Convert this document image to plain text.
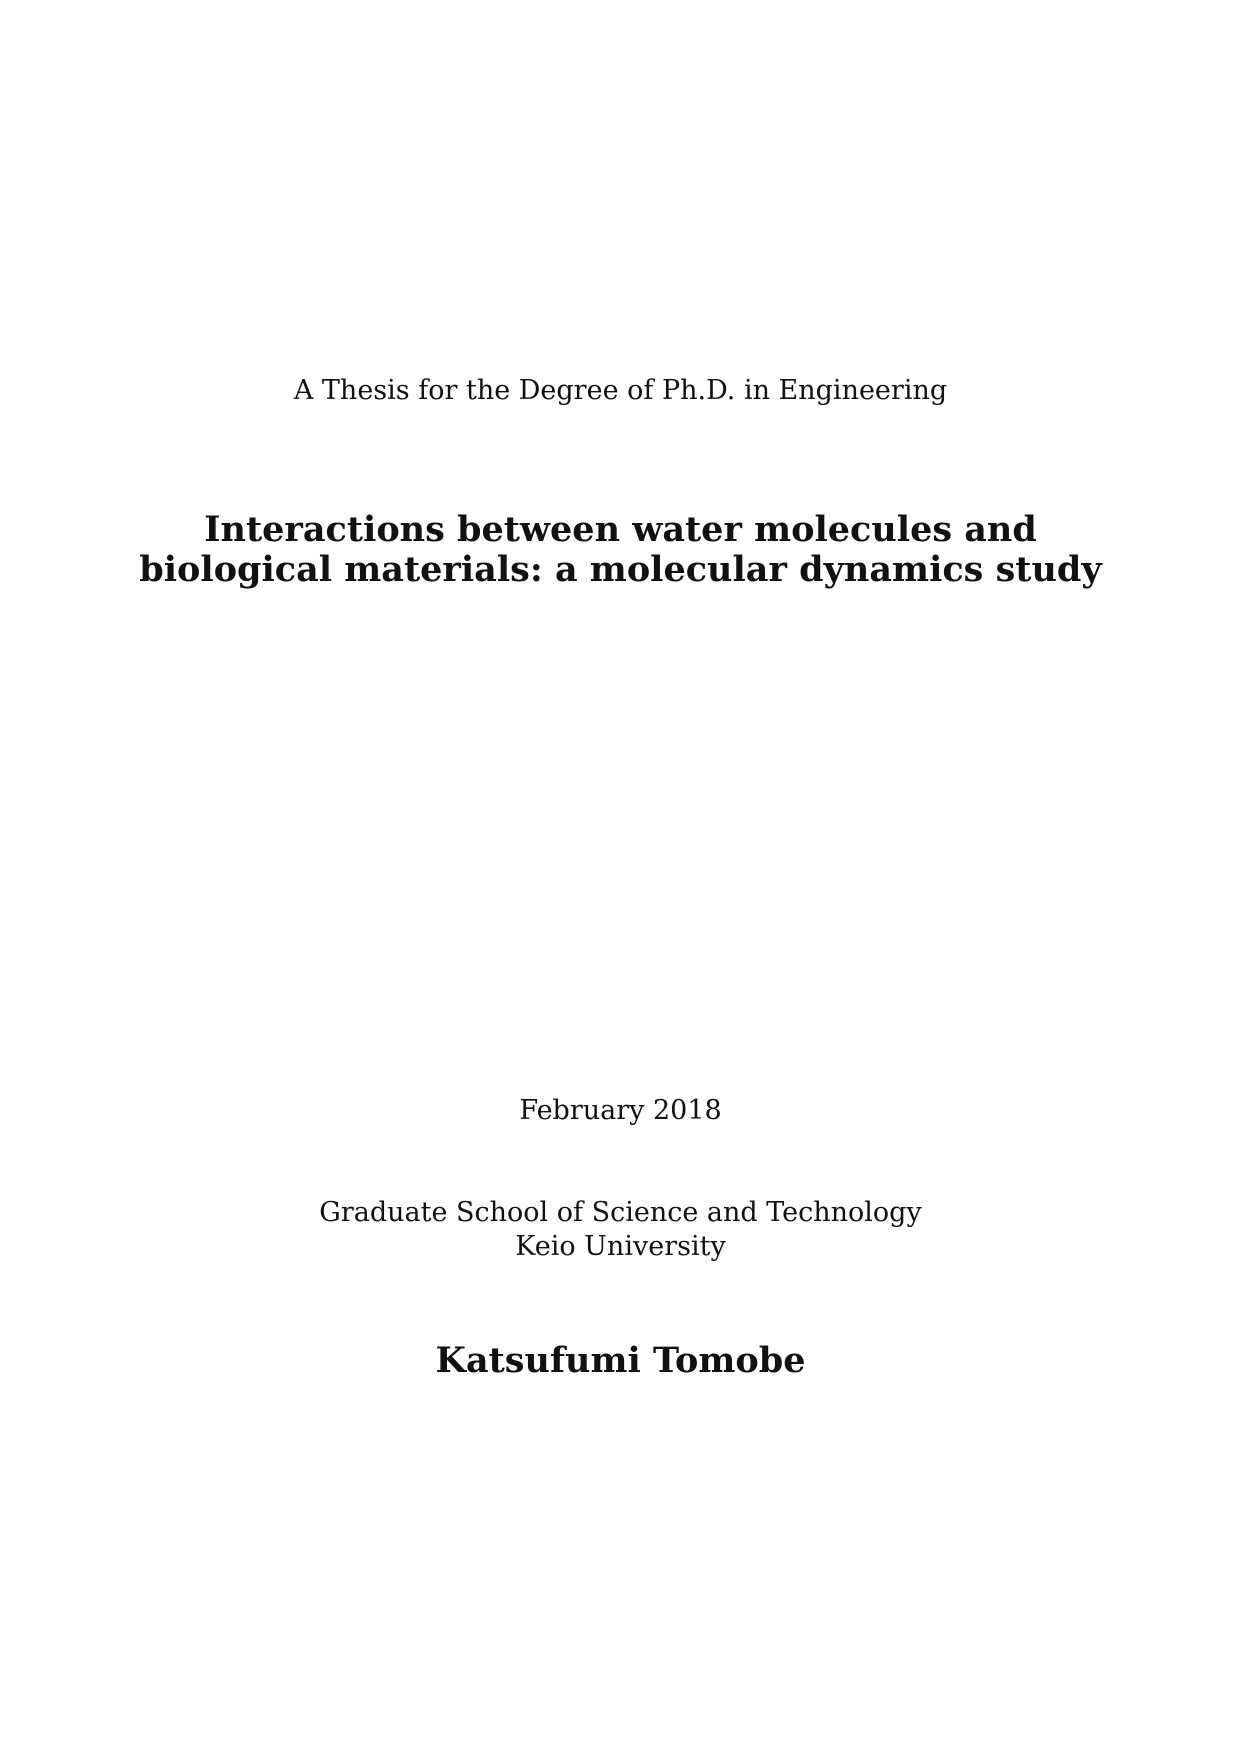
A Thesis for the Degree of Ph.D. in Engineering
Interactions between water molecules and
biological materials: a molecular dynamics study
February 2018
Graduate School of Science and Technology
Keio University
Katsufumi Tomobe
